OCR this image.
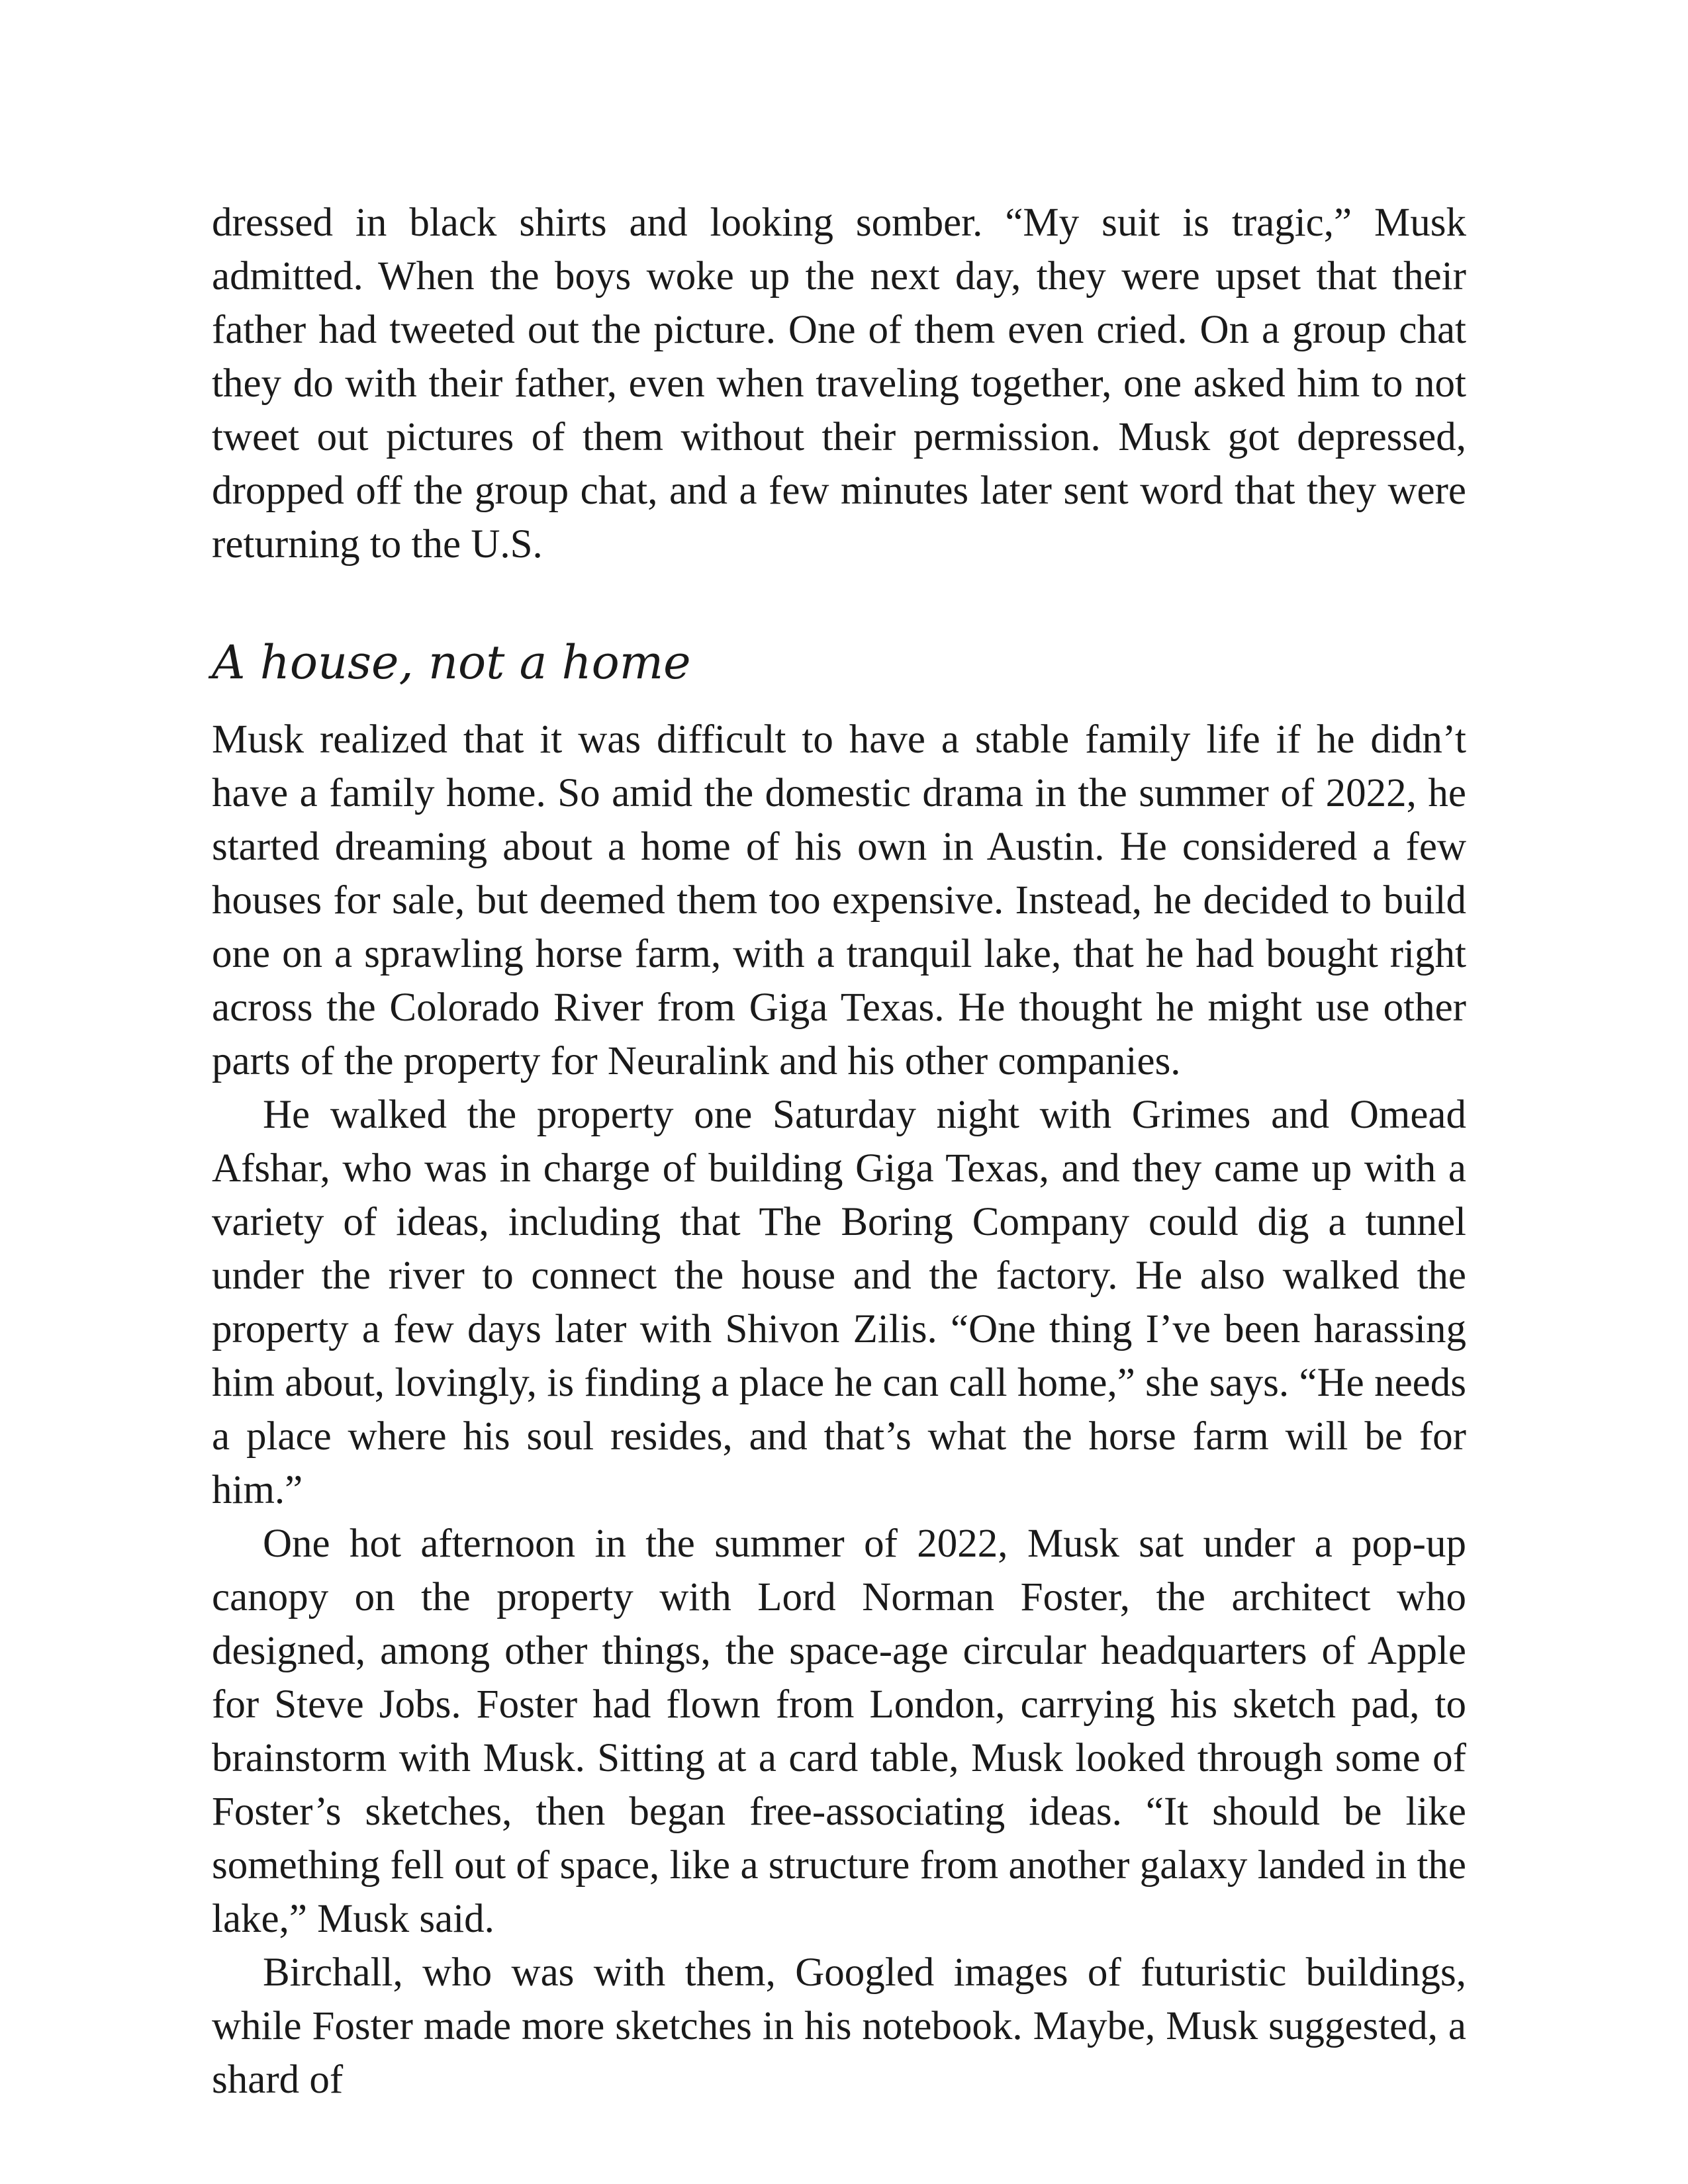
dressed in black shirts and looking somber. “My suit is tragic,” Musk admitted. When the boys woke up the next day, they were upset that their father had tweeted out the picture. One of them even cried. On a group chat they do with their father, even when traveling together, one asked him to not tweet out pictures of them without their permission. Musk got depressed, dropped off the group chat, and a few minutes later sent word that they were returning to the U.S.

A house, not a home

Musk realized that it was difficult to have a stable family life if he didn’t have a family home. So amid the domestic drama in the summer of 2022, he started dreaming about a home of his own in Austin. He considered a few houses for sale, but deemed them too expensive. Instead, he decided to build one on a sprawling horse farm, with a tranquil lake, that he had bought right across the Colorado River from Giga Texas. He thought he might use other parts of the property for Neuralink and his other companies.

He walked the property one Saturday night with Grimes and Omead Afshar, who was in charge of building Giga Texas, and they came up with a variety of ideas, including that The Boring Company could dig a tunnel under the river to connect the house and the factory. He also walked the property a few days later with Shivon Zilis. “One thing I’ve been harassing him about, lovingly, is finding a place he can call home,” she says. “He needs a place where his soul resides, and that’s what the horse farm will be for him.”

One hot afternoon in the summer of 2022, Musk sat under a pop-up canopy on the property with Lord Norman Foster, the architect who designed, among other things, the space-age circular headquarters of Apple for Steve Jobs. Foster had flown from London, carrying his sketch pad, to brainstorm with Musk. Sitting at a card table, Musk looked through some of Foster’s sketches, then began free-associating ideas. “It should be like something fell out of space, like a structure from another galaxy landed in the lake,” Musk said.

Birchall, who was with them, Googled images of futuristic buildings, while Foster made more sketches in his notebook. Maybe, Musk suggested, a shard of
